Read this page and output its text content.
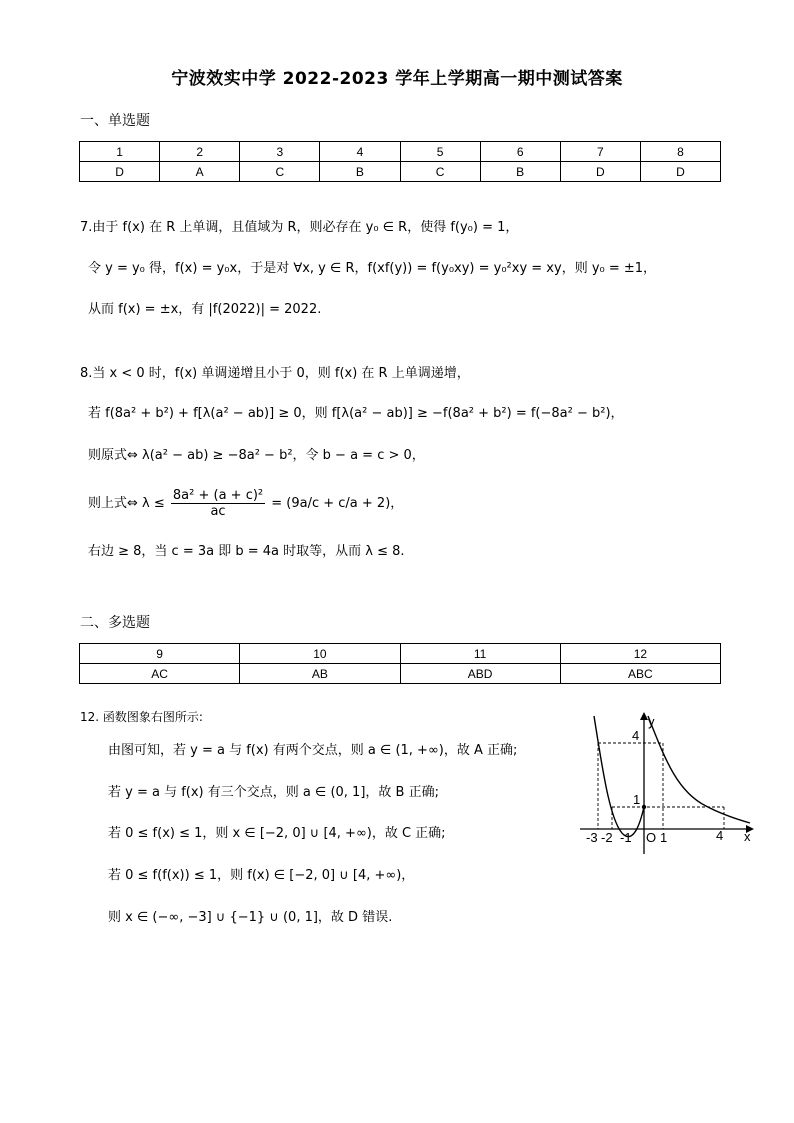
宁波效实中学 2022-2023 学年上学期高一期中测试答案
一、单选题
1	2	3	4	5	6	7	8
D	A	C	B	C	B	D	D
7.由于 f(x) 在 R 上单调，且值域为 R，则必存在 y₀ ∈ R，使得 f(y₀) = 1，
令 y = y₀ 得，f(x) = y₀x，于是对 ∀x, y ∈ R，f(xf(y)) = f(y₀xy) = y₀²xy = xy，则 y₀ = ±1，
从而 f(x) = ±x，有 |f(2022)| = 2022.
8.当 x < 0 时，f(x) 单调递增且小于 0，则 f(x) 在 R 上单调递增，
若 f(8a² + b²) + f[λ(a² − ab)] ≥ 0，则 f[λ(a² − ab)] ≥ −f(8a² + b²) = f(−8a² − b²)，
则原式⇔ λ(a² − ab) ≥ −8a² − b²，令 b − a = c > 0，
则上式⇔ $\lambda \le \frac{\text{8a² + (a + c)²}}{ac} = (9a/c + c/a + 2)$，
右边 ≥ 8，当 c = 3a 即 b = 4a 时取等，从而 λ ≤ 8.
二、多选题
9	10	11	12
AC	AB	ABD	ABC
12. 函数图象右图所示:
由图可知，若 y = a 与 f(x) 有两个交点，则 a ∈ (1, +∞)，故 A 正确;
若 y = a 与 f(x) 有三个交点，则 a ∈ (0, 1]，故 B 正确;
若 0 ≤ f(x) ≤ 1，则 x ∈ [−2, 0] ∪ [4, +∞)，故 C 正确;
若 0 ≤ f(f(x)) ≤ 1，则 f(x) ∈ [−2, 0] ∪ [4, +∞)，
则 x ∈ (−∞, −3] ∪ {−1} ∪ (0, 1]，故 D 错误.
y
x
4
1
-3 -2 -1 O 1	4
